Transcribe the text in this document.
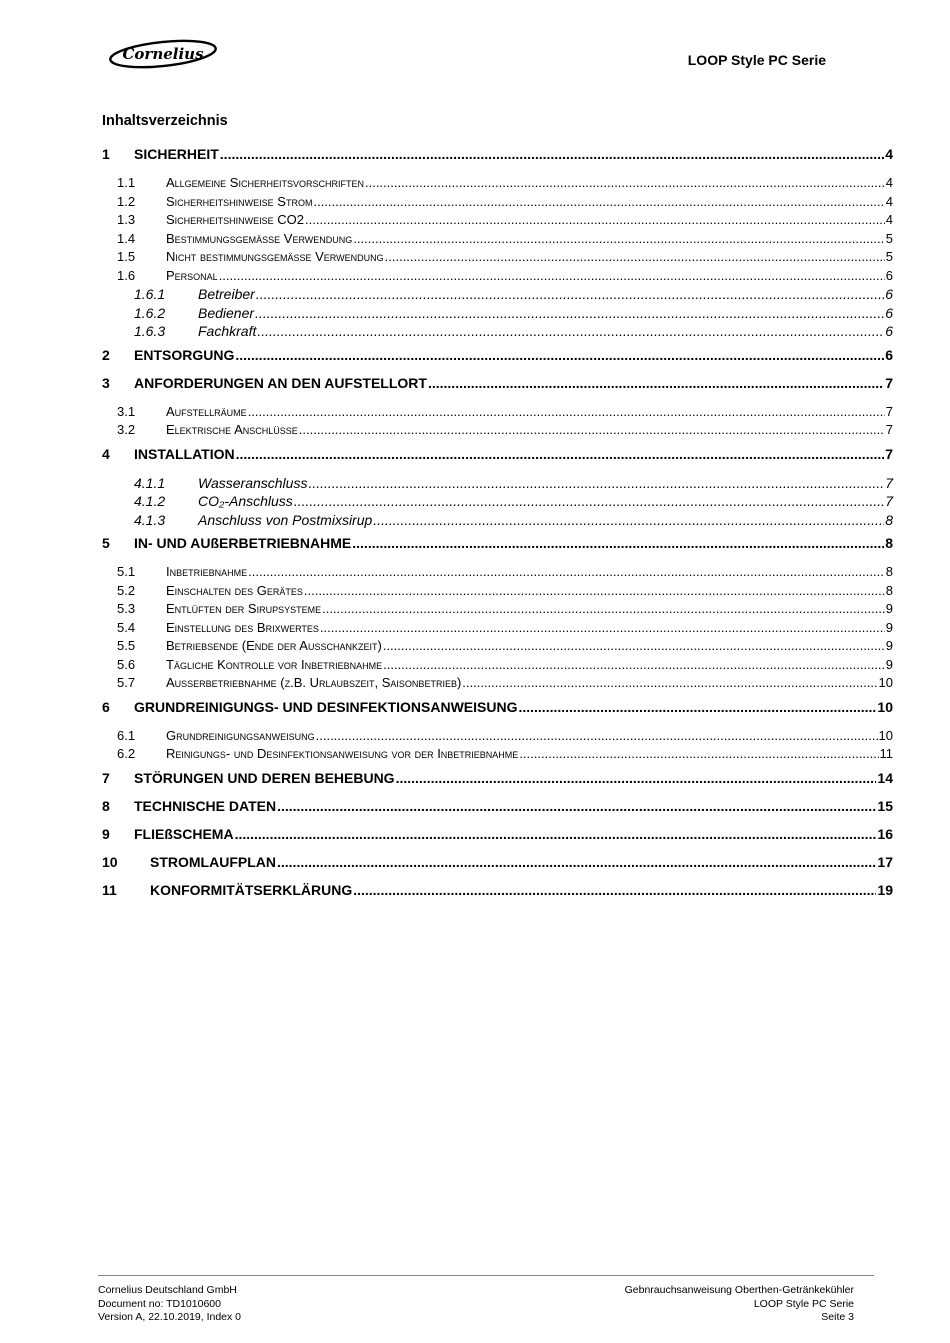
Cornelius	LOOP Style PC Serie
Inhaltsverzeichnis
1	SICHERHEIT .....	4
1.1	Allgemeine Sicherheitsvorschriften .....	4
1.2	Sicherheitshinweise Strom .....	4
1.3	Sicherheitshinweise CO2 .....	4
1.4	Bestimmungsgemäße Verwendung .....	5
1.5	Nicht bestimmungsgemäße Verwendung .....	5
1.6	Personal .....	6
1.6.1	Betreiber .....	6
1.6.2	Bediener .....	6
1.6.3	Fachkraft .....	6
2	ENTSORGUNG .....	6
3	ANFORDERUNGEN AN DEN AUFSTELLORT .....	7
3.1	Aufstellräume .....	7
3.2	Elektrische Anschlüsse .....	7
4	INSTALLATION .....	7
4.1.1	Wasseranschluss .....	7
4.1.2	CO₂-Anschluss .....	7
4.1.3	Anschluss von Postmixsirup .....	8
5	IN- UND AUßERBETRIEBNAHME .....	8
5.1	Inbetriebnahme .....	8
5.2	Einschalten des Gerätes .....	8
5.3	Entlüften der Sirupsysteme .....	9
5.4	Einstellung des Brixwertes .....	9
5.5	Betriebsende (Ende der Ausschankzeit) .....	9
5.6	Tägliche Kontrolle vor Inbetriebnahme .....	9
5.7	Außerbetriebnahme (z.B. Urlaubszeit, Saisonbetrieb) .....	10
6	GRUNDREINIGUNGS- UND DESINFEKTIONSANWEISUNG .....	10
6.1	Grundreinigungsanweisung .....	10
6.2	Reinigungs- und Desinfektionsanweisung vor der Inbetriebnahme .....	11
7	STÖRUNGEN UND DEREN BEHEBUNG .....	14
8	TECHNISCHE DATEN .....	15
9	FLIEßSCHEMA .....	16
10	STROMLAUFPLAN .....	17
11	KONFORMITÄTSERKLÄRUNG .....	19
Cornelius Deutschland GmbH
Document no: TD1010600
Version A, 22.10.2019, Index 0
Gebnrauchsanweisung Oberthen-Getränkekühler
LOOP Style PC Serie
Seite 3
